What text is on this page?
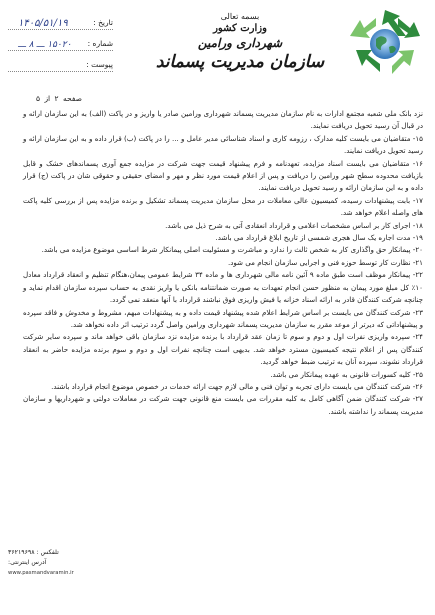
بسمه تعالی
وزارت کشور
شهرداری ورامین
سازمان مدیریت پسماند
تاریخ :
۱۴۰۵/۵۱/۱۹
شماره :
۱۵۰۲۰ ـــ ۸ ـــ
پیوست :
صفحه ۲ از ۵

نزد بانک ملی شعبه مجتمع ادارات به نام سازمان مدیریت پسماند شهرداری ورامین صادر یا واریز و در پاکت (الف) به این سازمان ارائه و در قبال آن رسید تحویل دریافت نمایند.

۱۵- متقاضیان می بایست کلیه مدارک ، رزومه کاری و اسناد شناسائی مدیر عامل و ... را در پاکت (ب) قرار داده و به این سازمان ارائه و رسید تحویل دریافت نمایند.

۱۶- متقاضیان می بایست اسناد مزایده، تعهدنامه و فرم پیشنهاد قیمت جهت شرکت در مزایده جمع آوری پسماندهای خشک و قابل بازیافت محدوده سطح شهر ورامین را دریافت و پس از اعلام قیمت مورد نظر و مهر و امضای حقیقی و حقوقی شان در پاکت (ج) قرار داده و به این سازمان ارائه و رسید تحویل دریافت نمایند.

۱۷- بابت پیشنهادات رسیده، کمیسیون عالی معاملات در محل سازمان مدیریت پسماند تشکیل و برنده مزایده پس از بررسی کلیه پاکت های واصله اعلام خواهد شد.

۱۸- اجرای کار بر اساس مشخصات اعلامی و قرارداد انعقادی آتی به شرح ذیل می باشد.

۱۹- مدت اجاره یک سال هجری شمسی از تاریخ ابلاغ قرارداد می باشد.

۲۰- پیمانکار حق واگذاری کار به شخص ثالث را ندارد و مباشرت و مسئولیت اصلی پیمانکار شرط اساسی موضوع مزایده می باشد.

۲۱- نظارت کار توسط حوزه فنی و اجرایی سازمان انجام می شود.

۲۲- پیمانکار موظف است طبق ماده ۹ آئین نامه مالی شهرداری ها و ماده ۳۴ شرایط عمومی پیمان،هنگام تنظیم و انعقاد قرارداد معادل ۱۰٪ کل مبلغ مورد پیمان به منظور حسن انجام تعهدات به صورت ضمانتنامه بانکی یا واریز نقدی به حساب سپرده سازمان اقدام نماید و چنانچه شرکت کنندگان قادر به ارائه اسناد خزانه یا فیش واریزی فوق نباشند قرارداد با آنها منعقد نمی گردد.

۲۳- شرکت کنندگان می بایست بر اساس شرایط اعلام شده پیشنهاد قیمت داده و به پیشنهادات مبهم، مشروط و مخدوش و فاقد سپرده و پیشنهاداتی که دیرتر از موعد مقرر به سازمان مدیریت پسماند شهرداری ورامین واصل گردد ترتیب اثر داده نخواهد شد.

۲۴- سپرده واریزی نفرات اول و دوم و سوم تا زمان عقد قرارداد با برنده مزایده نزد سازمان باقی خواهد ماند و سپرده سایر شرکت کنندگان پس از اعلام نتیجه کمیسیون مسترد خواهد شد. بدیهی است چنانچه نفرات اول و دوم و سوم برنده مزایده حاضر به انعقاد قرارداد نشوند، سپرده آنان به ترتیب ضبط خواهد گردید.

۲۵- کلیه کسورات قانونی به عهده پیمانکار می باشد.

۲۶- شرکت کنندگان می بایست دارای تجربه و توان فنی و مالی لازم جهت ارائه خدمات در خصوص موضوع انجام قرارداد باشند.

۲۷- شرکت کنندگان ضمن آگاهی کامل به کلیه مقررات می بایست منع قانونی جهت شرکت در معاملات دولتی و شهرداریها و سازمان مدیریت پسماند را نداشته باشند.

تلفکس : ۳۶۲۱۹۶۹۸
آدرس اینترنتی:
www.pasmandvaramin.ir
